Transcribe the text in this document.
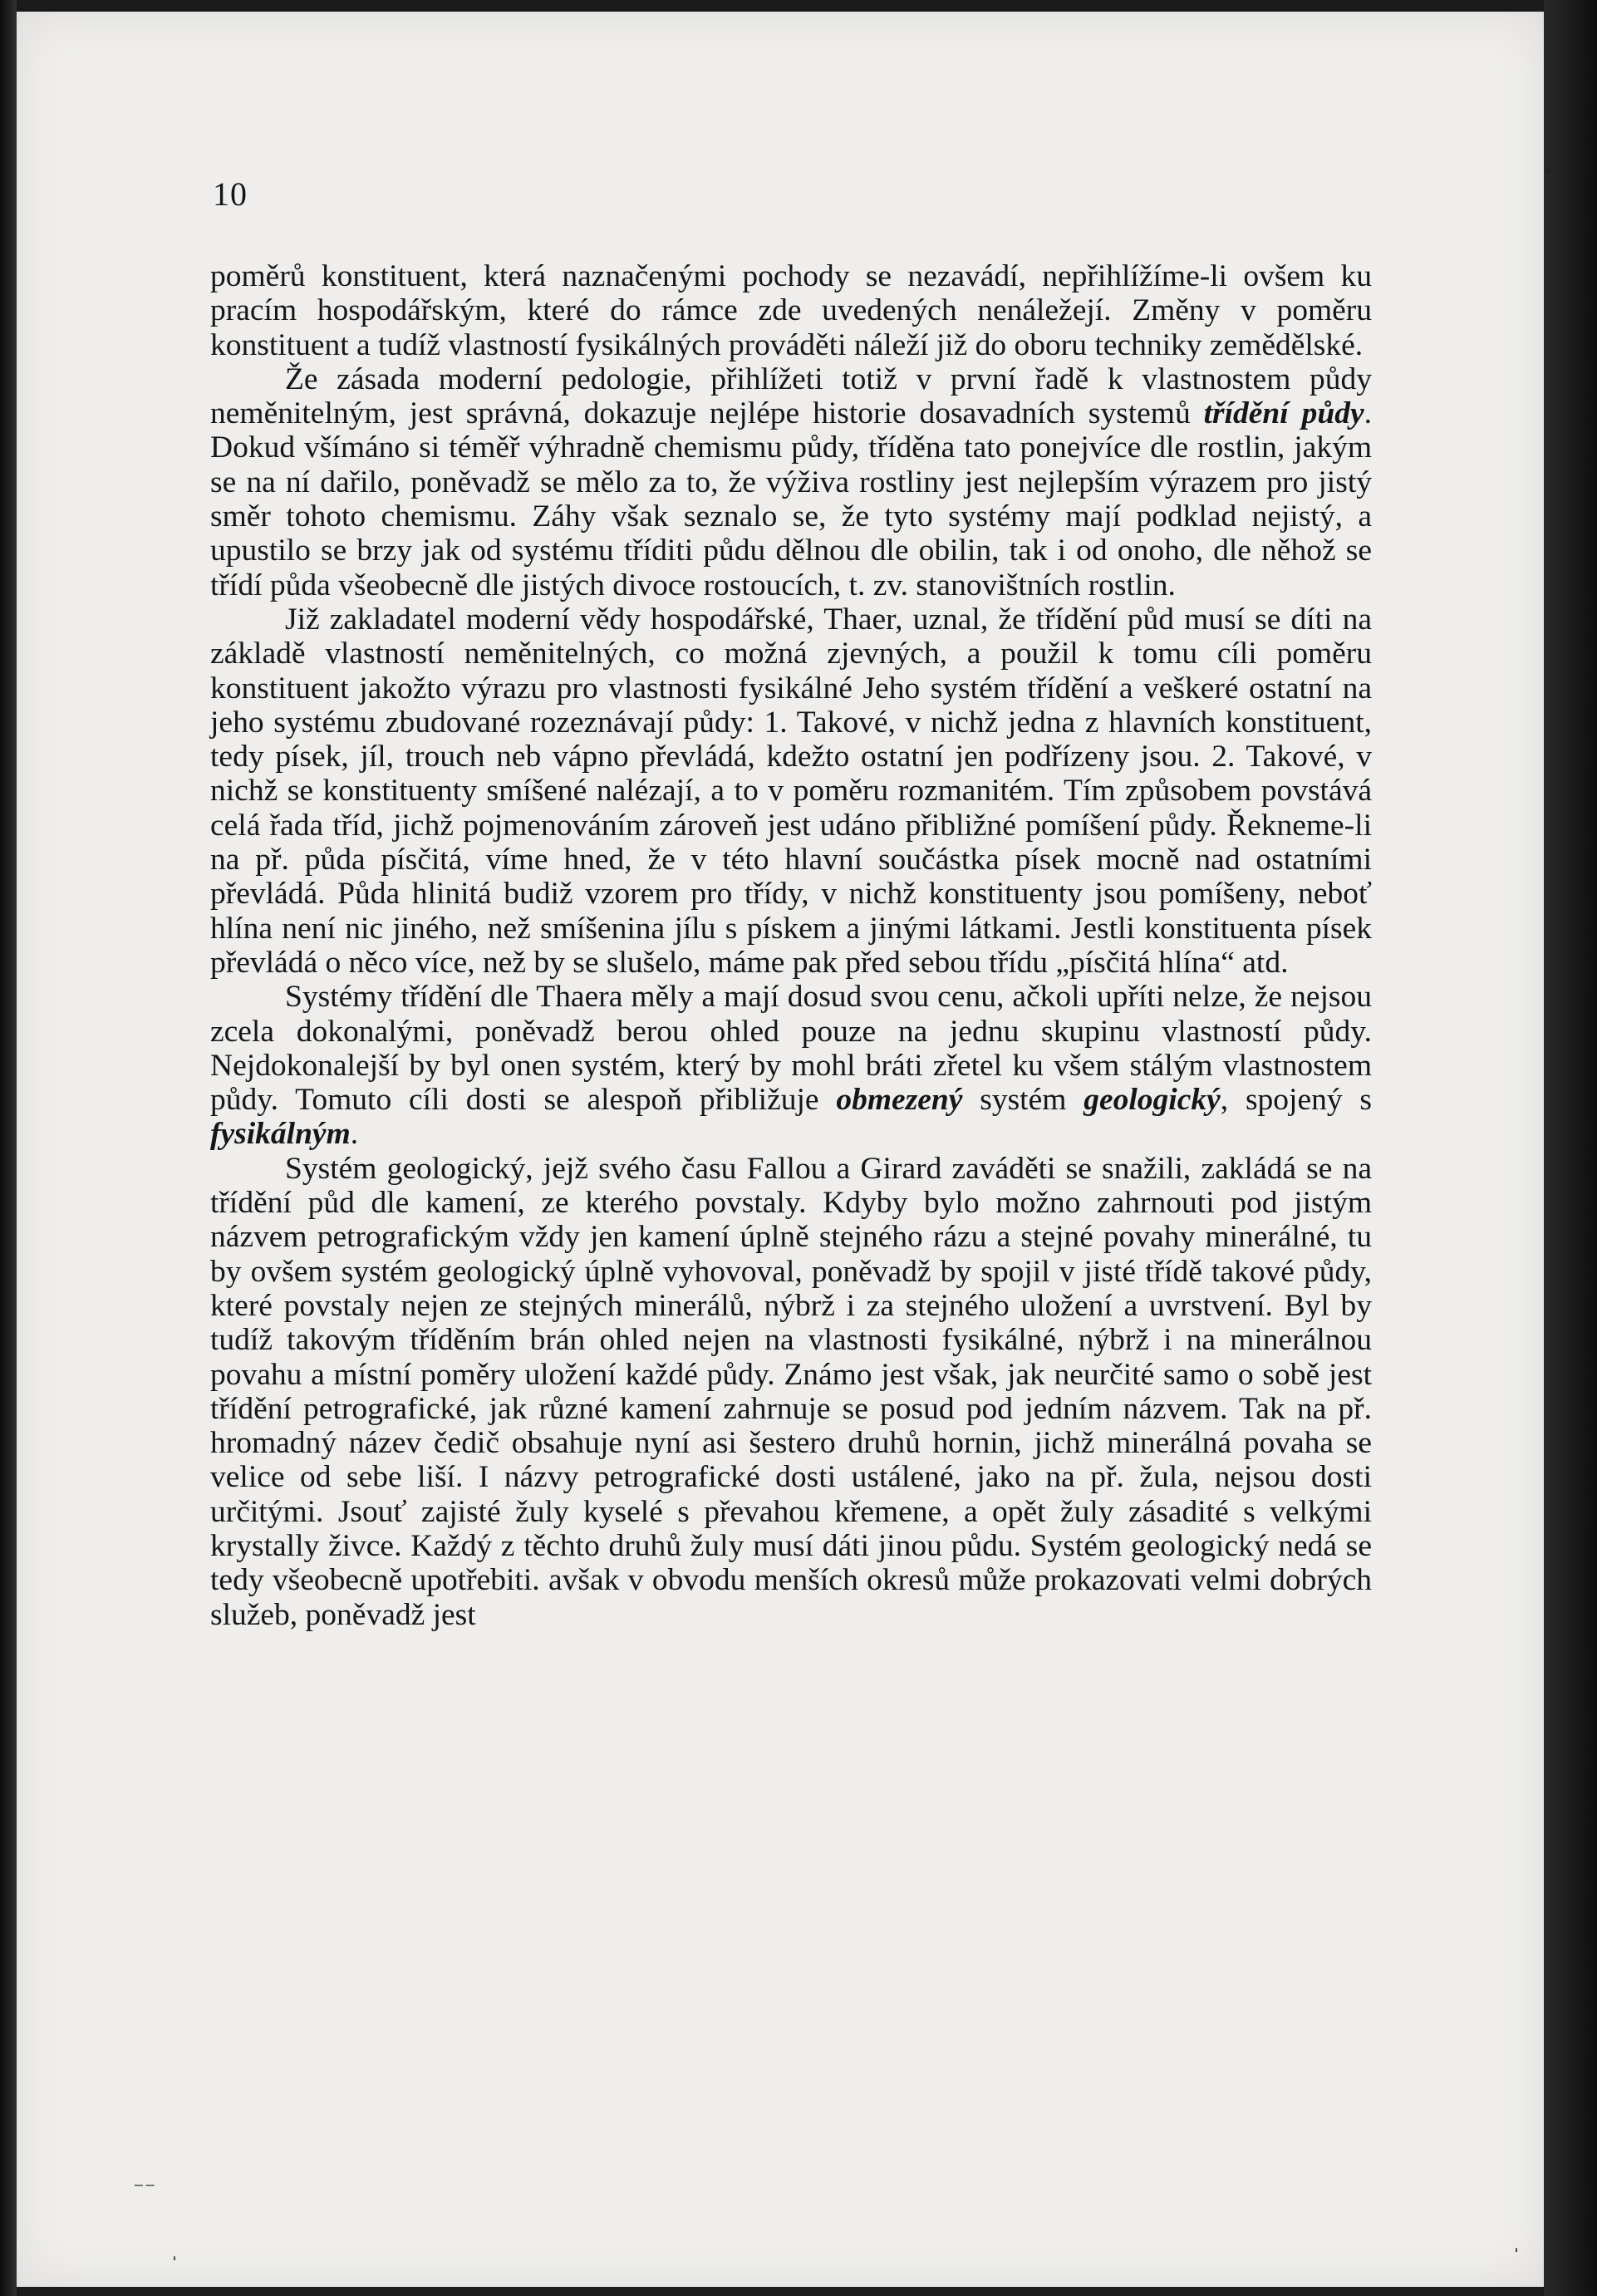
10

poměrů konstituent, která naznačenými pochody se nezavádí, nepřihlížíme-li ovšem ku pracím hospodářským, které do rámce zde uvedených nenáležejí. Změny v poměru konstituent a tudíž vlastností fysikálných prováděti náleží již do oboru techniky zemědělské.

Že zásada moderní pedologie, přihlížeti totiž v první řadě k vlastnostem půdy neměnitelným, jest správná, dokazuje nejlépe historie dosavadních systemů třídění půdy. Dokud všímáno si téměř výhradně chemismu půdy, tříděna tato ponejvíce dle rostlin, jakým se na ní dařilo, poněvadž se mělo za to, že výživa rostliny jest nejlepším výrazem pro jistý směr tohoto chemismu. Záhy však seznalo se, že tyto systémy mají podklad nejistý, a upustilo se brzy jak od systému tříditi půdu dělnou dle obilin, tak i od onoho, dle něhož se třídí půda všeobecně dle jistých divoce rostoucích, t. zv. stanovištních rostlin.

Již zakladatel moderní vědy hospodářské, Thaer, uznal, že třídění půd musí se díti na základě vlastností neměnitelných, co možná zjevných, a použil k tomu cíli poměru konstituent jakožto výrazu pro vlastnosti fysikálné Jeho systém třídění a veškeré ostatní na jeho systému zbudované rozeznávají půdy: 1. Takové, v nichž jedna z hlavních konstituent, tedy písek, jíl, trouch neb vápno převládá, kdežto ostatní jen podřízeny jsou. 2. Takové, v nichž se konstituenty smíšené nalézají, a to v poměru rozmanitém. Tím způsobem povstává celá řada tříd, jichž pojmenováním zároveň jest udáno přibližné pomíšení půdy. Řekneme-li na př. půda písčitá, víme hned, že v této hlavní součástka písek mocně nad ostatními převládá. Půda hlinitá budiž vzorem pro třídy, v nichž konstituenty jsou pomíšeny, neboť hlína není nic jiného, než smíšenina jílu s pískem a jinými látkami. Jestli konstituenta písek převládá o něco více, než by se slušelo, máme pak před sebou třídu „písčitá hlína“ atd.

Systémy třídění dle Thaera měly a mají dosud svou cenu, ačkoli upříti nelze, že nejsou zcela dokonalými, poněvadž berou ohled pouze na jednu skupinu vlastností půdy. Nejdokonalejší by byl onen systém, který by mohl bráti zřetel ku všem stálým vlastnostem půdy. Tomuto cíli dosti se alespoň přibližuje obmezený systém geologický, spojený s fysikálným.

Systém geologický, jejž svého času Fallou a Girard zaváděti se snažili, zakládá se na třídění půd dle kamení, ze kterého povstaly. Kdyby bylo možno zahrnouti pod jistým názvem petrografickým vždy jen kamení úplně stejného rázu a stejné povahy minerálné, tu by ovšem systém geologický úplně vyhovoval, poněvadž by spojil v jisté třídě takové půdy, které povstaly nejen ze stejných minerálů, nýbrž i za stejného uložení a uvrstvení. Byl by tudíž takovým tříděním brán ohled nejen na vlastnosti fysikálné, nýbrž i na minerálnou povahu a místní poměry uložení každé půdy. Známo jest však, jak neurčité samo o sobě jest třídění petrografické, jak různé kamení zahrnuje se posud pod jedním názvem. Tak na př. hromadný název čedič obsahuje nyní asi šestero druhů hornin, jichž minerálná povaha se velice od sebe liší. I názvy petrografické dosti ustálené, jako na př. žula, nejsou dosti určitými. Jsouť zajisté žuly kyselé s převahou křemene, a opět žuly zásadité s velkými krystally živce. Každý z těchto druhů žuly musí dáti jinou půdu. Systém geologický nedá se tedy všeobecně upotřebiti. avšak v obvodu menších okresů může prokazovati velmi dobrých služeb, poněvadž jest

•
⁻⁻
ˈ	ˈ
